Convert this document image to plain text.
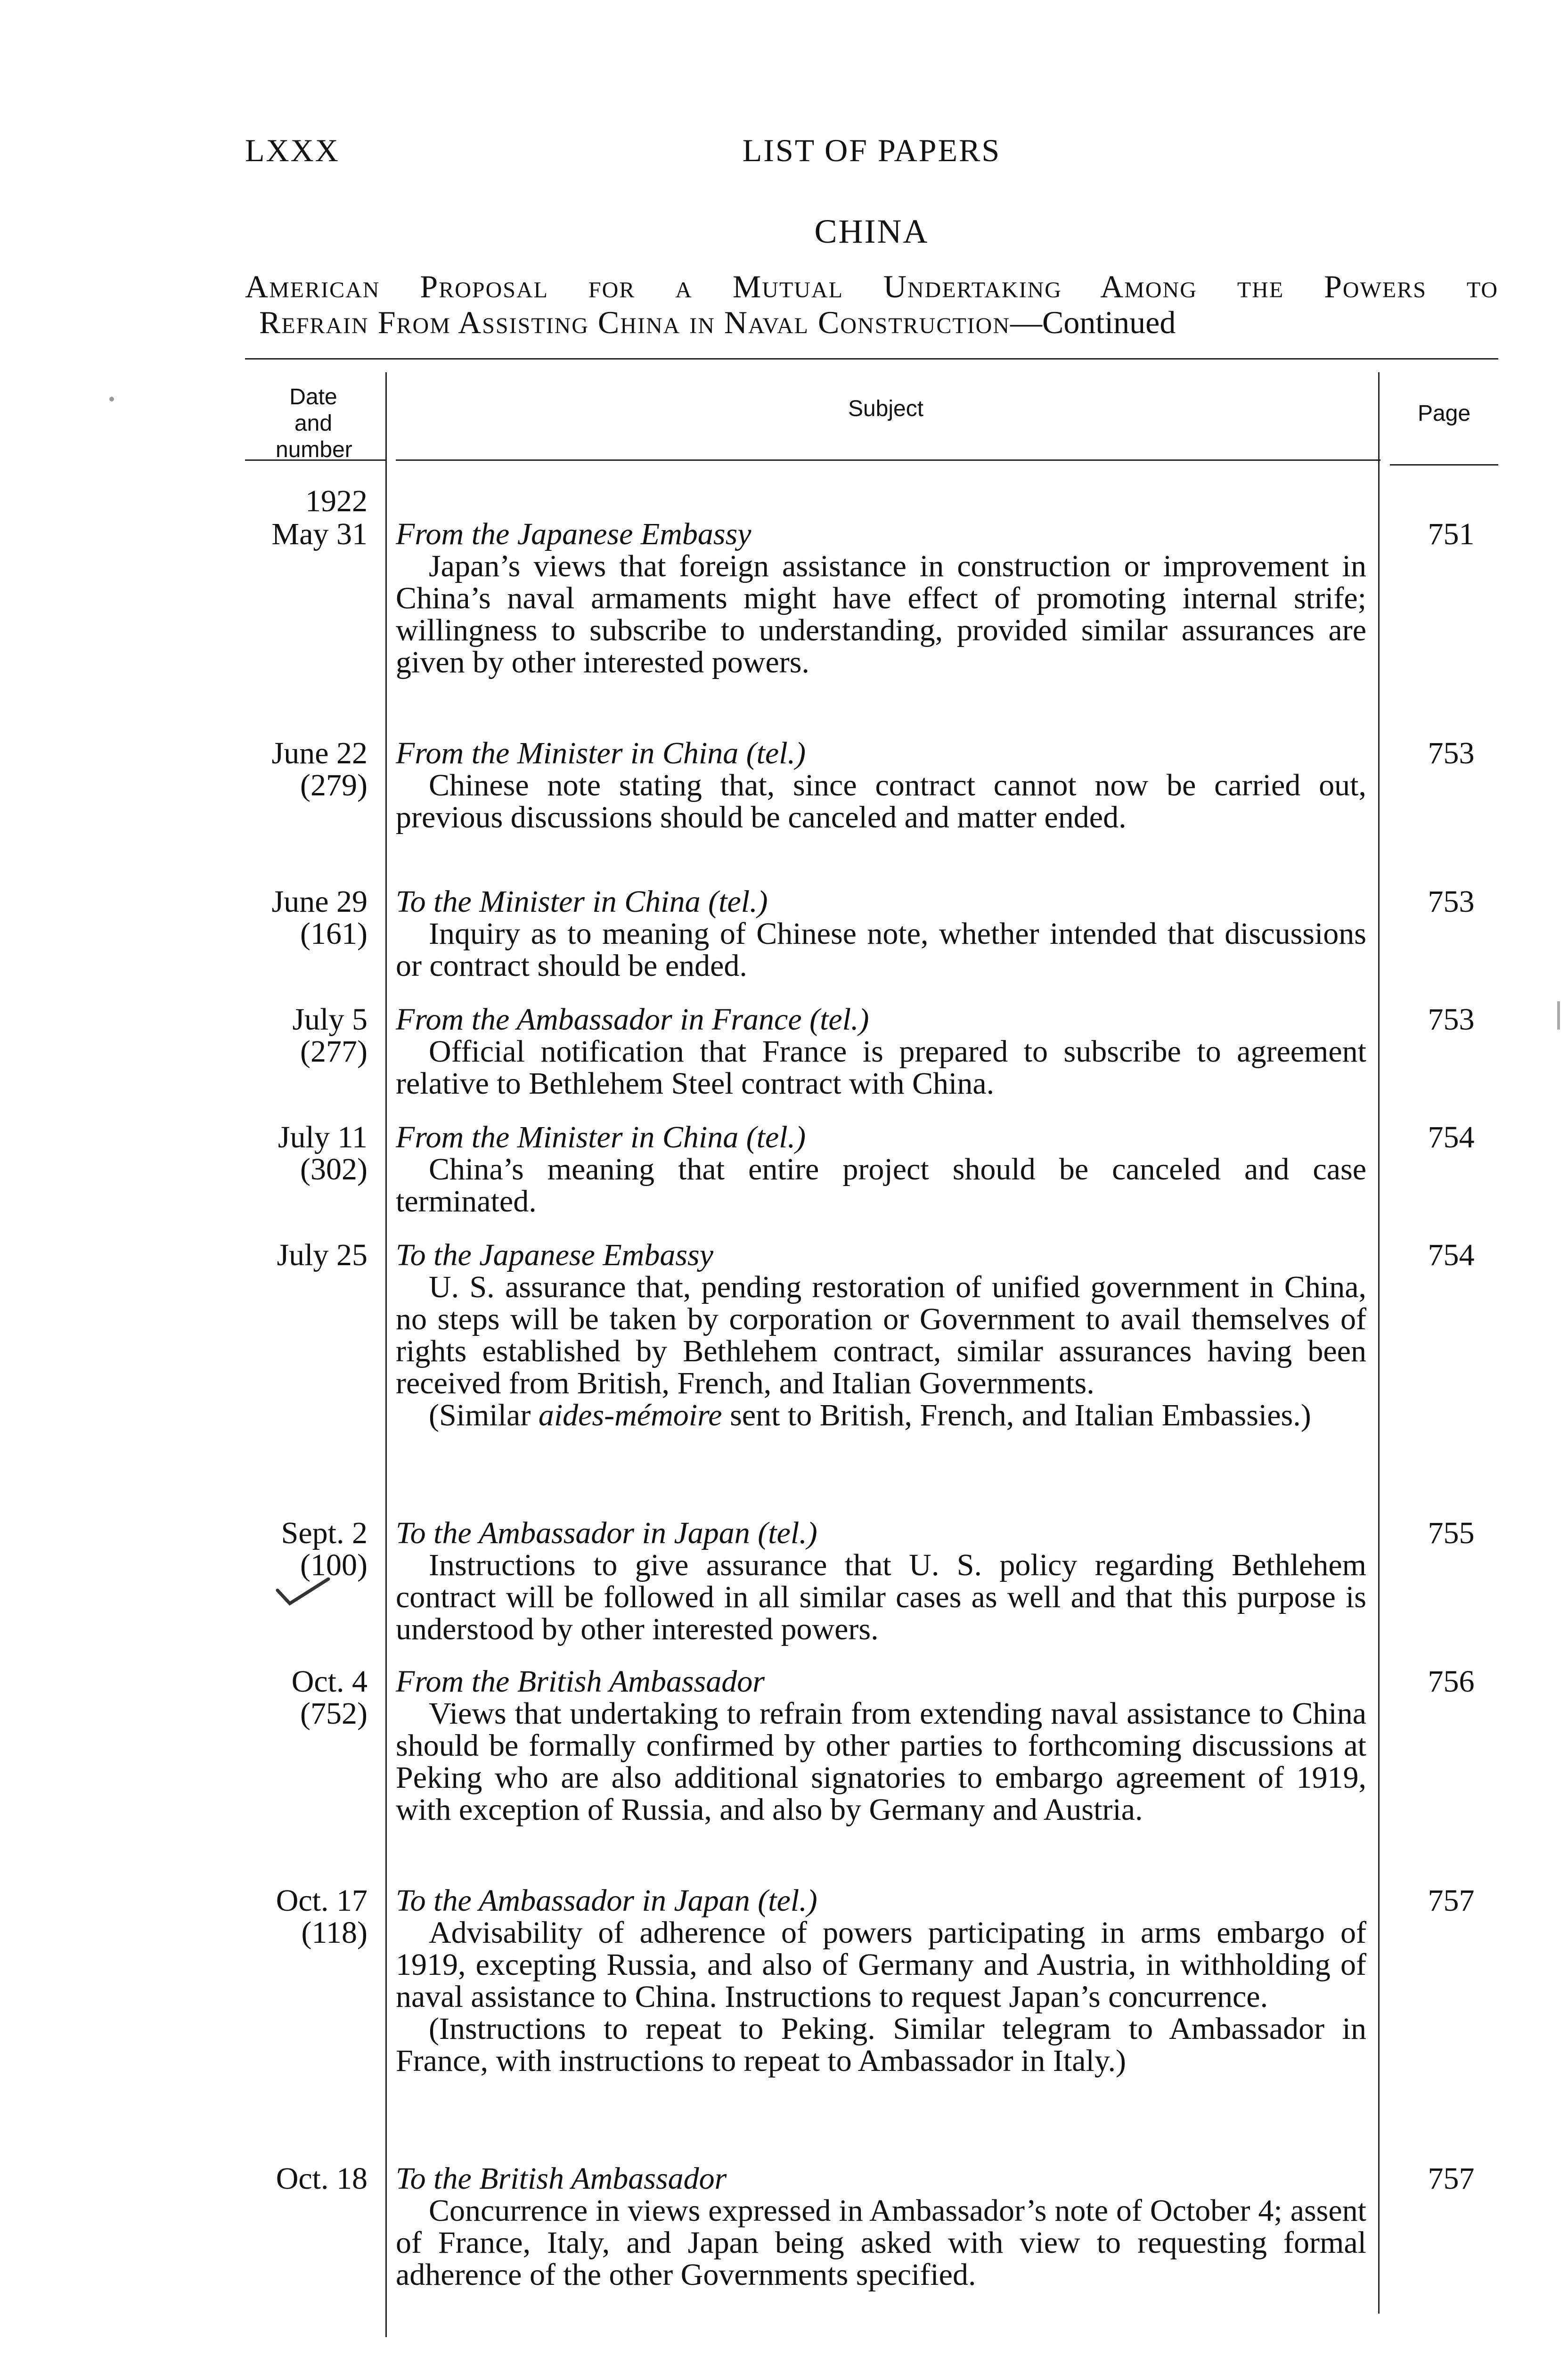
LXXX	LIST OF PAPERS
CHINA
American Proposal for a Mutual Undertaking Among the Powers to
Refrain From Assisting China in Naval Construction—Continued
Date and number
Subject	Page
1922
May 31 From the Japanese Embassy
Japan’s views that foreign assistance in construction or improvement in China’s naval armaments might have effect of promoting internal strife; willingness to subscribe to understanding, provided similar assurances are given by other interested powers.
751
June 22
(279)
From the Minister in China (tel.)
Chinese note stating that, since contract cannot now be carried out, previous discussions should be canceled and matter ended.
753
June 29
(161)
To the Minister in China (tel.)
Inquiry as to meaning of Chinese note, whether intended that discussions or contract should be ended.
753
July 5
(277)
From the Ambassador in France (tel.)
Official notification that France is prepared to subscribe to agreement relative to Bethlehem Steel contract with China.
753
July 11
(302)
From the Minister in China (tel.)
China’s meaning that entire project should be canceled and case terminated.
754
July 25 To the Japanese Embassy
U. S. assurance that, pending restoration of unified government in China, no steps will be taken by corporation or Government to avail themselves of rights established by Bethlehem contract, similar assurances having been received from British, French, and Italian Governments.
(Similar aides-mémoire sent to British, French, and Italian Embassies.)
754
Sept. 2
(100)
To the Ambassador in Japan (tel.)
Instructions to give assurance that U. S. policy regarding Bethlehem contract will be followed in all similar cases as well and that this purpose is understood by other interested powers.
755
Oct. 4
(752)
From the British Ambassador
Views that undertaking to refrain from extending naval assistance to China should be formally confirmed by other parties to forthcoming discussions at Peking who are also additional signatories to embargo agreement of 1919, with exception of Russia, and also by Germany and Austria.
756
Oct. 17
(118)
To the Ambassador in Japan (tel.)
Advisability of adherence of powers participating in arms embargo of 1919, excepting Russia, and also of Germany and Austria, in withholding of naval assistance to China. Instructions to request Japan’s concurrence.
(Instructions to repeat to Peking. Similar telegram to Ambassador in France, with instructions to repeat to Ambassador in Italy.)
757
Oct. 18 To the British Ambassador
Concurrence in views expressed in Ambassador’s note of October 4; assent of France, Italy, and Japan being asked with view to requesting formal adherence of the other Governments specified.
757
